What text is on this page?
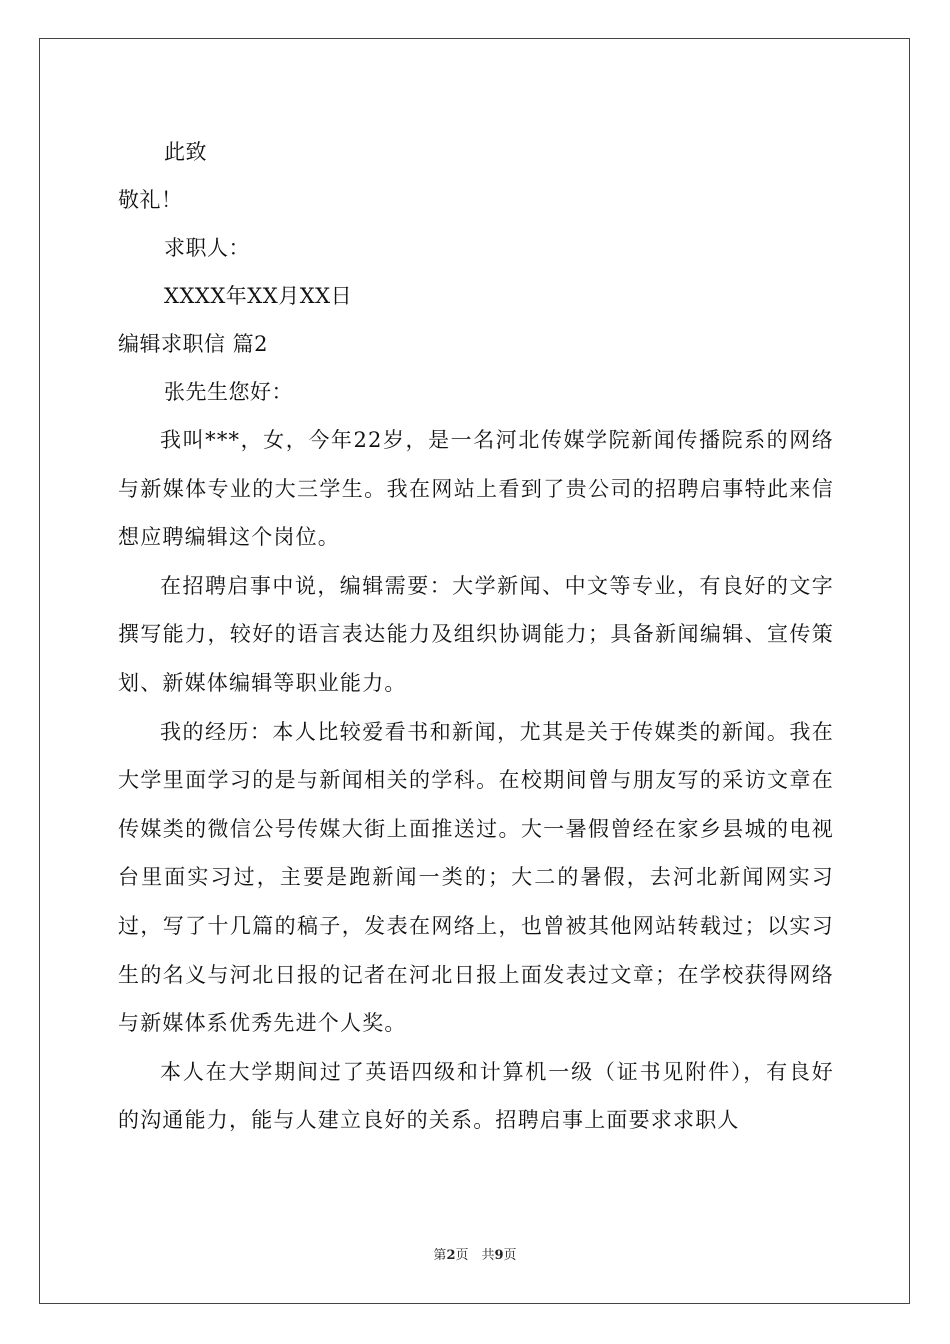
此致
敬礼！
求职人：
XXXX年XX月XX日
编辑求职信 篇2
张先生您好：

我叫***，女，今年22岁，是一名河北传媒学院新闻传播院系的网络与新媒体专业的大三学生。我在网站上看到了贵公司的招聘启事特此来信想应聘编辑这个岗位。

在招聘启事中说，编辑需要：大学新闻、中文等专业，有良好的文字撰写能力，较好的语言表达能力及组织协调能力；具备新闻编辑、宣传策划、新媒体编辑等职业能力。

我的经历：本人比较爱看书和新闻，尤其是关于传媒类的新闻。我在大学里面学习的是与新闻相关的学科。在校期间曾与朋友写的采访文章在传媒类的微信公号传媒大街上面推送过。大一暑假曾经在家乡县城的电视台里面实习过，主要是跑新闻一类的；大二的暑假，去河北新闻网实习过，写了十几篇的稿子，发表在网络上，也曾被其他网站转载过；以实习生的名义与河北日报的记者在河北日报上面发表过文章；在学校获得网络与新媒体系优秀先进个人奖。

本人在大学期间过了英语四级和计算机一级（证书见附件），有良好的沟通能力，能与人建立良好的关系。招聘启事上面要求求职人

第2页　共9页
